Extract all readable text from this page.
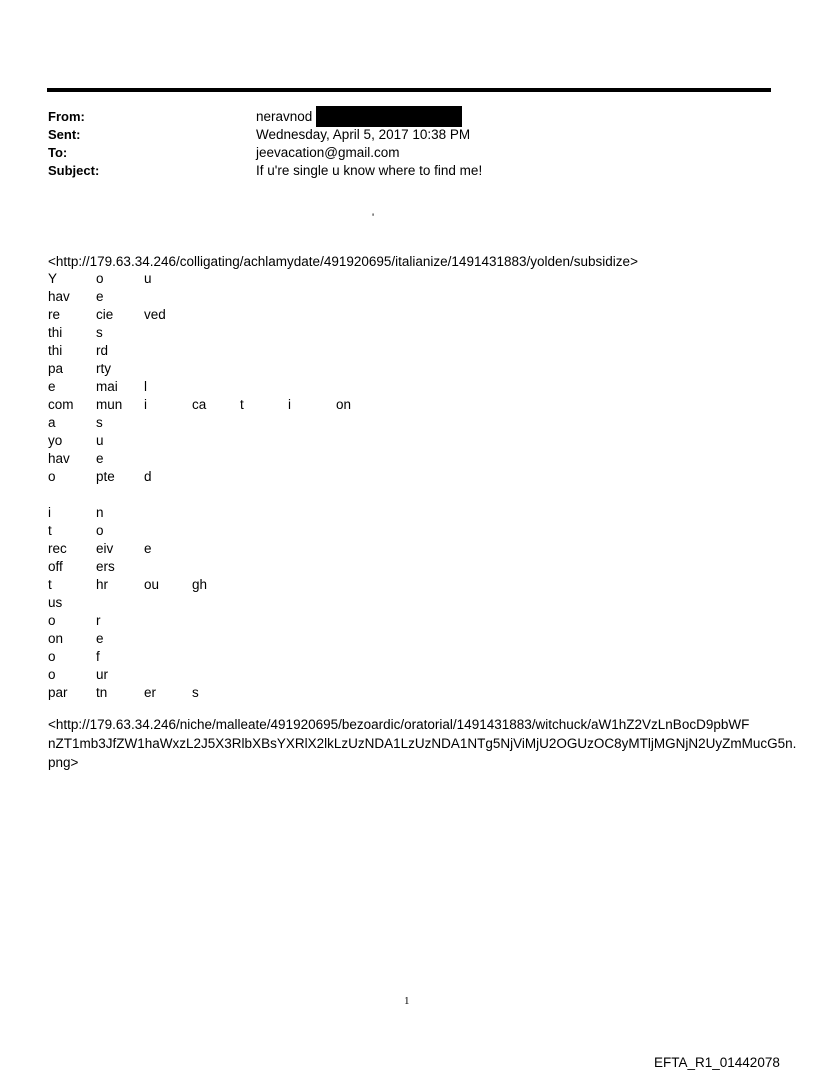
From:	neravnod
Sent:	Wednesday, April 5, 2017 10:38 PM
To:	jeevacation@gmail.com
Subject:	If u're single u know where to find me!
'
<http://179.63.34.246/colligating/achlamydate/491920695/italianize/1491431883/yolden/subsidize>
Y	o	u
hav e
re	cie ved
thi s
thi rd
pa rty
e	mai l
com mun i	ca t	i	on
a	s
yo u
hav e
o	pte d
i	n
t	o
rec eiv e
off ers
t	hr	ou gh
us
o	r
on e
o	f
o	ur
par tn	er	s
<http://179.63.34.246/niche/malleate/491920695/bezoardic/oratorial/1491431883/witchuck/aW1hZ2VzLnBocD9pbWF
nZT1mb3JfZW1haWxzL2J5X3RlbXBsYXRlX2lkLzUzNDA1LzUzNDA1NTg5NjViMjU2OGUzOC8yMTljMGNjN2UyZmMucG5n.
png>
1
EFTA_R1_01442078
